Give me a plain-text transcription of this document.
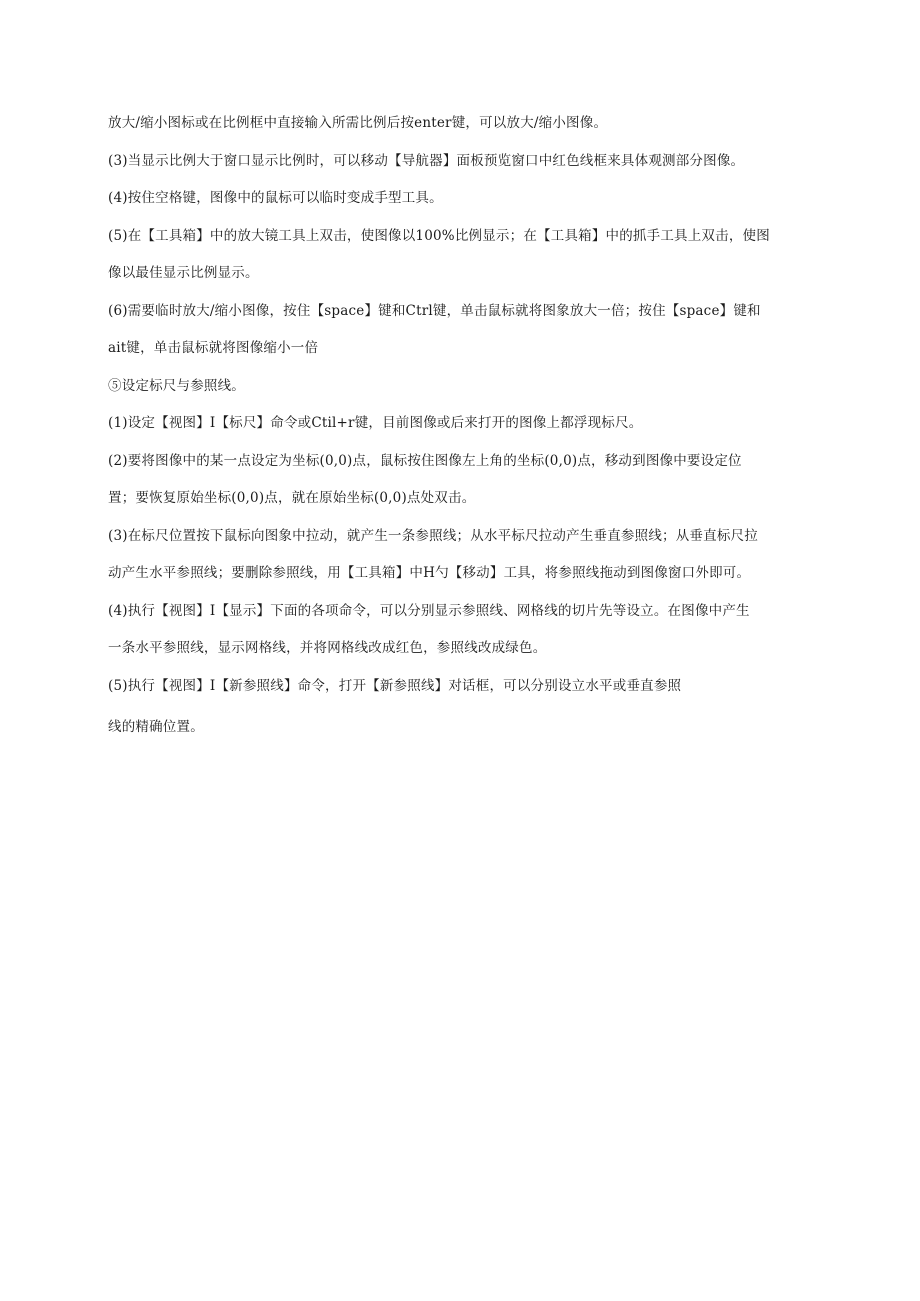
放大/缩小图标或在比例框中直接输入所需比例后按enter键，可以放大/缩小图像。
(3)当显示比例大于窗口显示比例时，可以移动【导航器】面板预览窗口中红色线框来具体观测部分图像。
(4)按住空格键，图像中的鼠标可以临时变成手型工具。
(5)在【工具箱】中的放大镜工具上双击，使图像以100%比例显示；在【工具箱】中的抓手工具上双击，使图
像以最佳显示比例显示。
(6)需要临时放大/缩小图像，按住【space】键和Ctrl键，单击鼠标就将图象放大一倍；按住【space】键和
ait键，单击鼠标就将图像缩小一倍
⑤设定标尺与参照线。
(1)设定【视图】I【标尺】命令或Ctil+r键，目前图像或后来打开的图像上都浮现标尺。
(2)要将图像中的某一点设定为坐标(0,0)点，鼠标按住图像左上角的坐标(0,0)点，移动到图像中要设定位
置；要恢复原始坐标(0,0)点，就在原始坐标(0,0)点处双击。
(3)在标尺位置按下鼠标向图象中拉动，就产生一条参照线；从水平标尺拉动产生垂直参照线；从垂直标尺拉
动产生水平参照线；要删除参照线，用【工具箱】中H勺【移动】工具，将参照线拖动到图像窗口外即可。
(4)执行【视图】I【显示】下面的各项命令，可以分别显示参照线、网格线的切片先等设立。在图像中产生
一条水平参照线，显示网格线，并将网格线改成红色，参照线改成绿色。
(5)执行【视图】I【新参照线】命令，打开【新参照线】对话框，可以分别设立水平或垂直参照
线的精确位置。
